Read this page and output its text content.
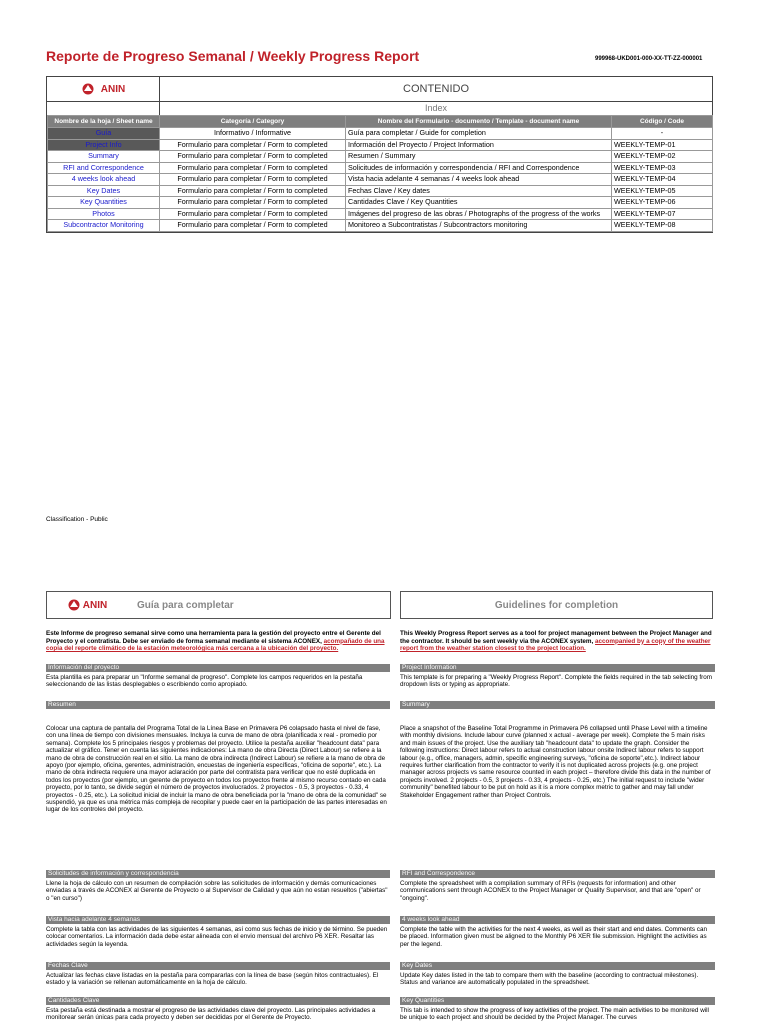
Reporte de Progreso Semanal / Weekly Progress Report	999968-UKD001-000-XX-TT-ZZ-000001
ANIN	CONTENIDO
Index
Nombre de la hoja / Sheet name	Categoría / Category	Nombre del Formulario - documento / Template - document name	Código / Code
Guía	Informativo / Informative	Guía para completar / Guide for completion	-
Project Info	Formulario para completar / Form to completed	Información del Proyecto / Project Information	WEEKLY-TEMP-01
Summary	Formulario para completar / Form to completed	Resumen / Summary	WEEKLY-TEMP-02
RFI and Correspondence	Formulario para completar / Form to completed	Solicitudes de información y correspondencia / RFI and Correspondence	WEEKLY-TEMP-03
4 weeks look ahead	Formulario para completar / Form to completed	Vista hacia adelante 4 semanas / 4 weeks look ahead	WEEKLY-TEMP-04
Key Dates	Formulario para completar / Form to completed	Fechas Clave / Key dates	WEEKLY-TEMP-05
Key Quantities	Formulario para completar / Form to completed	Cantidades Clave / Key Quantities	WEEKLY-TEMP-06
Photos	Formulario para completar / Form to completed	Imágenes del progreso de las obras / Photographs of the progress of the works	WEEKLY-TEMP-07
Subcontractor Monitoring	Formulario para completar / Form to completed	Monitoreo a Subcontratistas / Subcontractors monitoring	WEEKLY-TEMP-08
Classification - Public
ANIN	Guía para completar	Guidelines for completion
Este Informe de progreso semanal sirve como una herramienta para la gestión del proyecto entre el Gerente del Proyecto y el contratista. Debe ser enviado de forma semanal mediante el sistema ACONEX, acompañado de una copia del reporte climático de la estación meteorológica más cercana a la ubicación del proyecto.
This Weekly Progress Report serves as a tool for project management between the Project Manager and the contractor. It should be sent weekly via the ACONEX system, accompanied by a copy of the weather report from the weather station closest to the project location.
Información del proyecto
Esta plantilla es para preparar un "Informe semanal de progreso". Complete los campos requeridos en la pestaña seleccionando de las listas desplegables o escribiendo como apropiado.
Project Information
This template is for preparing a "Weekly Progress Report". Complete the fields required in the tab selecting from dropdown lists or typing as appropriate.
Resumen
Colocar una captura de pantalla del Programa Total de la Línea Base en Primavera P6 colapsado hasta el nivel de fase, con una línea de tiempo con divisiones mensuales. Incluya la curva de mano de obra (planificada x real - promedio por semana). Complete los 5 principales riesgos y problemas del proyecto. Utilice la pestaña auxiliar "headcount data" para actualizar el gráfico. Tener en cuenta las siguientes indicaciones: La mano de obra Directa (Direct Labour) se refiere a la mano de obra de construcción real en el sitio. La mano de obra indirecta (Indirect Labour) se refiere a la mano de obra de apoyo (por ejemplo, oficina, gerentes, administración, encuestas de ingeniería específicas, "oficina de soporte", etc.). La mano de obra indirecta requiere una mayor aclaración por parte del contratista para verificar que no esté duplicada en todos los proyectos (por ejemplo, un gerente de proyecto en todos los proyectos frente al mismo recurso contado en cada proyecto, por lo tanto, se divide según el número de proyectos involucrados. 2 proyectos - 0.5, 3 proyectos - 0.33, 4 proyectos - 0.25, etc.). La solicitud inicial de incluir la mano de obra beneficiada por la "mano de obra de la comunidad" se suspendió, ya que es una métrica más compleja de recopilar y puede caer en la participación de las partes interesadas en lugar de los controles del proyecto.
Summary
Place a snapshot of the Baseline Total Programme in Primavera P6 collapsed until Phase Level with a timeline with monthly divisions. Include labour curve (planned x actual - average per week). Complete the 5 main risks and main issues of the project. Use the auxiliary tab "headcount data" to update the graph. Consider the following instructions: Direct labour refers to actual construction labour onsite Indirect labour refers to support labour (e.g., office, managers, admin, specific engineering surveys, "oficina de soporte",etc.). Indirect labour requires further clarification from the contractor to verify it is not duplicated across projects (e.g. one project manager across projects vs same resource counted in each project – therefore divide this data in the number of projects involved. 2 projects - 0.5, 3 projects - 0.33, 4 projects - 0.25, etc.) The initial request to include "wider community" benefited labour to be put on hold as it is a more complex metric to gather and may fall under Stakeholder Engagement rather than Project Controls.
Solicitudes de información y correspondencia
Llene la hoja de cálculo con un resumen de compilación sobre las solicitudes de información y demás comunicaciones enviadas a través de ACONEX al Gerente de Proyecto o al Supervisor de Calidad y que aún no estan resueltos ("abiertas" o "en curso")
RFI and Correspondence
Complete the spreadsheet with a compilation summary of RFIs (requests for information) and other communications sent through ACONEX to the Project Manager or Quality Supervisor, and that are "open" or "ongoing".
Vista hacia adelante 4 semanas
Complete la tabla con las actividades de las siguientes 4 semanas, así como sus fechas de inicio y de término. Se pueden colocar comentarios. La información dada debe estar alineada con el envio mensual del archivo P6 XER. Resaltar las actividades según la leyenda.
4 weeks look ahead
Complete the table with the activities for the next 4 weeks, as well as their start and end dates. Comments can be placed. Information given must be aligned to the Monthly P6 XER file submission. Highlight the activities as per the legend.
Fechas Clave
Actualizar las fechas clave listadas en la pestaña para compararlas con la línea de base (según hitos contractuales). El estado y la variación se rellenan automáticamente en la hoja de cálculo.
Key Dates
Update Key dates listed in the tab to compare them with the baseline (according to contractual milestones). Status and variance are automatically populated in the spreadsheet.
Cantidades Clave
Esta pestaña está destinada a mostrar el progreso de las actividades clave del proyecto. Las principales actividades a monitorear serán únicas para cada proyecto y deben ser decididas por el Gerente de Proyecto.
Key Quantities
This tab is intended to show the progress of key activities of the project. The main activities to be monitored will be unique to each project and should be decided by the Project Manager. The curves
